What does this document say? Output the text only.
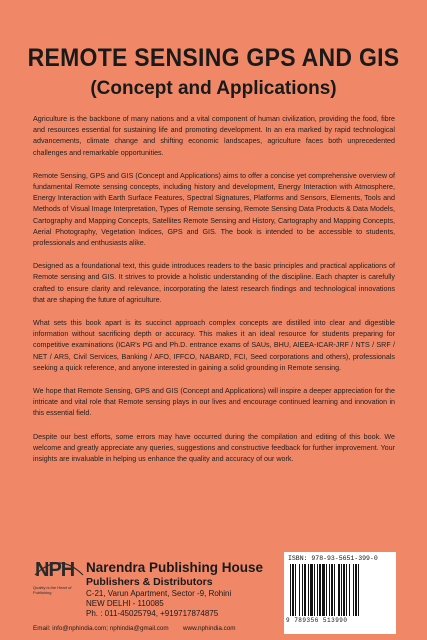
REMOTE SENSING GPS AND GIS
(Concept and Applications)

Agriculture is the backbone of many nations and a vital component of human civilization, providing the food, fibre and resources essential for sustaining life and promoting development. In an era marked by rapid technological advancements, climate change and shifting economic landscapes, agriculture faces both unprecedented challenges and remarkable opportunities.

Remote Sensing, GPS and GIS (Concept and Applications) aims to offer a concise yet comprehensive overview of fundamental Remote sensing concepts, including history and development, Energy Interaction with Atmosphere, Energy Interaction with Earth Surface Features, Spectral Signatures, Platforms and Sensors, Elements, Tools and Methods of Visual Image Interpretation, Types of Remote sensing, Remote Sensing Data Products & Data Models, Cartography and Mapping Concepts, Satellites Remote Sensing and History, Cartography and Mapping Concepts, Aerial Photography, Vegetation Indices, GPS and GIS. The book is intended to be accessible to students, professionals and enthusiasts alike.

Designed as a foundational text, this guide introduces readers to the basic principles and practical applications of Remote sensing and GIS. It strives to provide a holistic understanding of the discipline. Each chapter is carefully crafted to ensure clarity and relevance, incorporating the latest research findings and technological innovations that are shaping the future of agriculture.

What sets this book apart is its succinct approach complex concepts are distilled into clear and digestible information without sacrificing depth or accuracy. This makes it an ideal resource for students preparing for competitive examinations (ICAR's PG and Ph.D. entrance exams of SAUs, BHU, AIEEA-ICAR-JRF / NTS / SRF / NET / ARS, Civil Services, Banking / AFO, IFFCO, NABARD, FCI, Seed corporations and others), professionals seeking a quick reference, and anyone interested in gaining a solid grounding in Remote sensing.

We hope that Remote Sensing, GPS and GIS (Concept and Applications) will inspire a deeper appreciation for the intricate and vital role that Remote sensing plays in our lives and encourage continued learning and innovation in this essential field.

Despite our best efforts, some errors may have occurred during the compilation and editing of this book. We welcome and greatly appreciate any queries, suggestions and constructive feedback for further improvement. Your insights are invaluable in helping us enhance the quality and accuracy of our work.

NPH
Quality is the Heart of Publishing
Narendra Publishing House
Publishers & Distributors
C-21, Varun Apartment, Sector -9, Rohini
NEW DELHI - 110085
Ph. : 011-45025794, +919717874875
Email: info@nphindia.com; nphindia@gmail.com www.nphindia.com
ISBN: 978-93-5651-399-0
9 789356 513990
